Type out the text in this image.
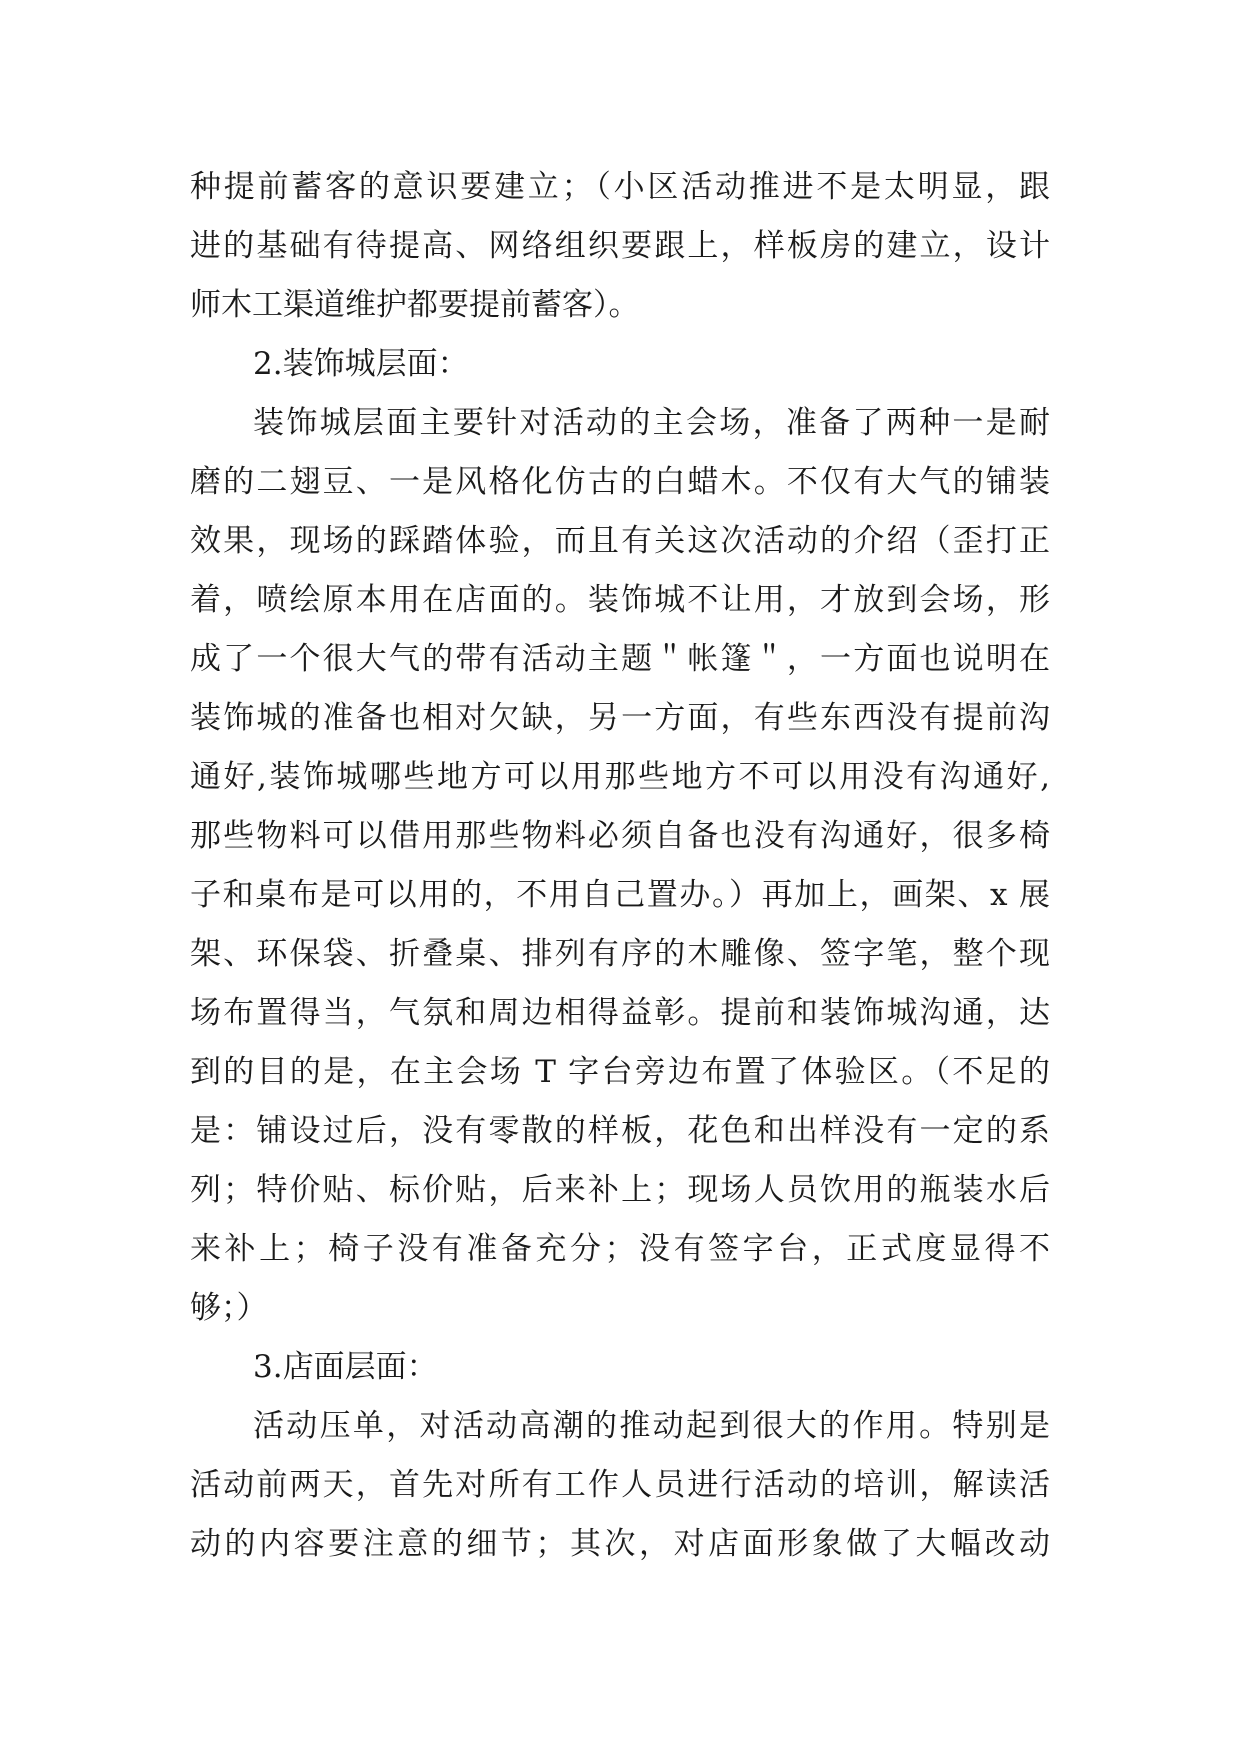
种提前蓄客的意识要建立；（小区活动推进不是太明显，跟

进的基础有待提高、网络组织要跟上，样板房的建立，设计

师木工渠道维护都要提前蓄客）。

2.装饰城层面：

装饰城层面主要针对活动的主会场，准备了两种一是耐

磨的二翅豆、一是风格化仿古的白蜡木。不仅有大气的铺装

效果，现场的踩踏体验，而且有关这次活动的介绍（歪打正

着，喷绘原本用在店面的。装饰城不让用，才放到会场，形

成了一个很大气的带有活动主题＂帐篷＂，一方面也说明在

装饰城的准备也相对欠缺，另一方面，有些东西没有提前沟

通好,装饰城哪些地方可以用那些地方不可以用没有沟通好,

那些物料可以借用那些物料必须自备也没有沟通好，很多椅

子和桌布是可以用的，不用自己置办。）再加上，画架、x 展

架、环保袋、折叠桌、排列有序的木雕像、签字笔，整个现

场布置得当，气氛和周边相得益彰。提前和装饰城沟通，达

到的目的是，在主会场 T 字台旁边布置了体验区。（不足的

是：铺设过后，没有零散的样板，花色和出样没有一定的系

列；特价贴、标价贴，后来补上；现场人员饮用的瓶装水后

来补上；椅子没有准备充分；没有签字台，正式度显得不

够；）

3.店面层面：

活动压单，对活动高潮的推动起到很大的作用。特别是

活动前两天，首先对所有工作人员进行活动的培训，解读活

动的内容要注意的细节；其次，对店面形象做了大幅改动
